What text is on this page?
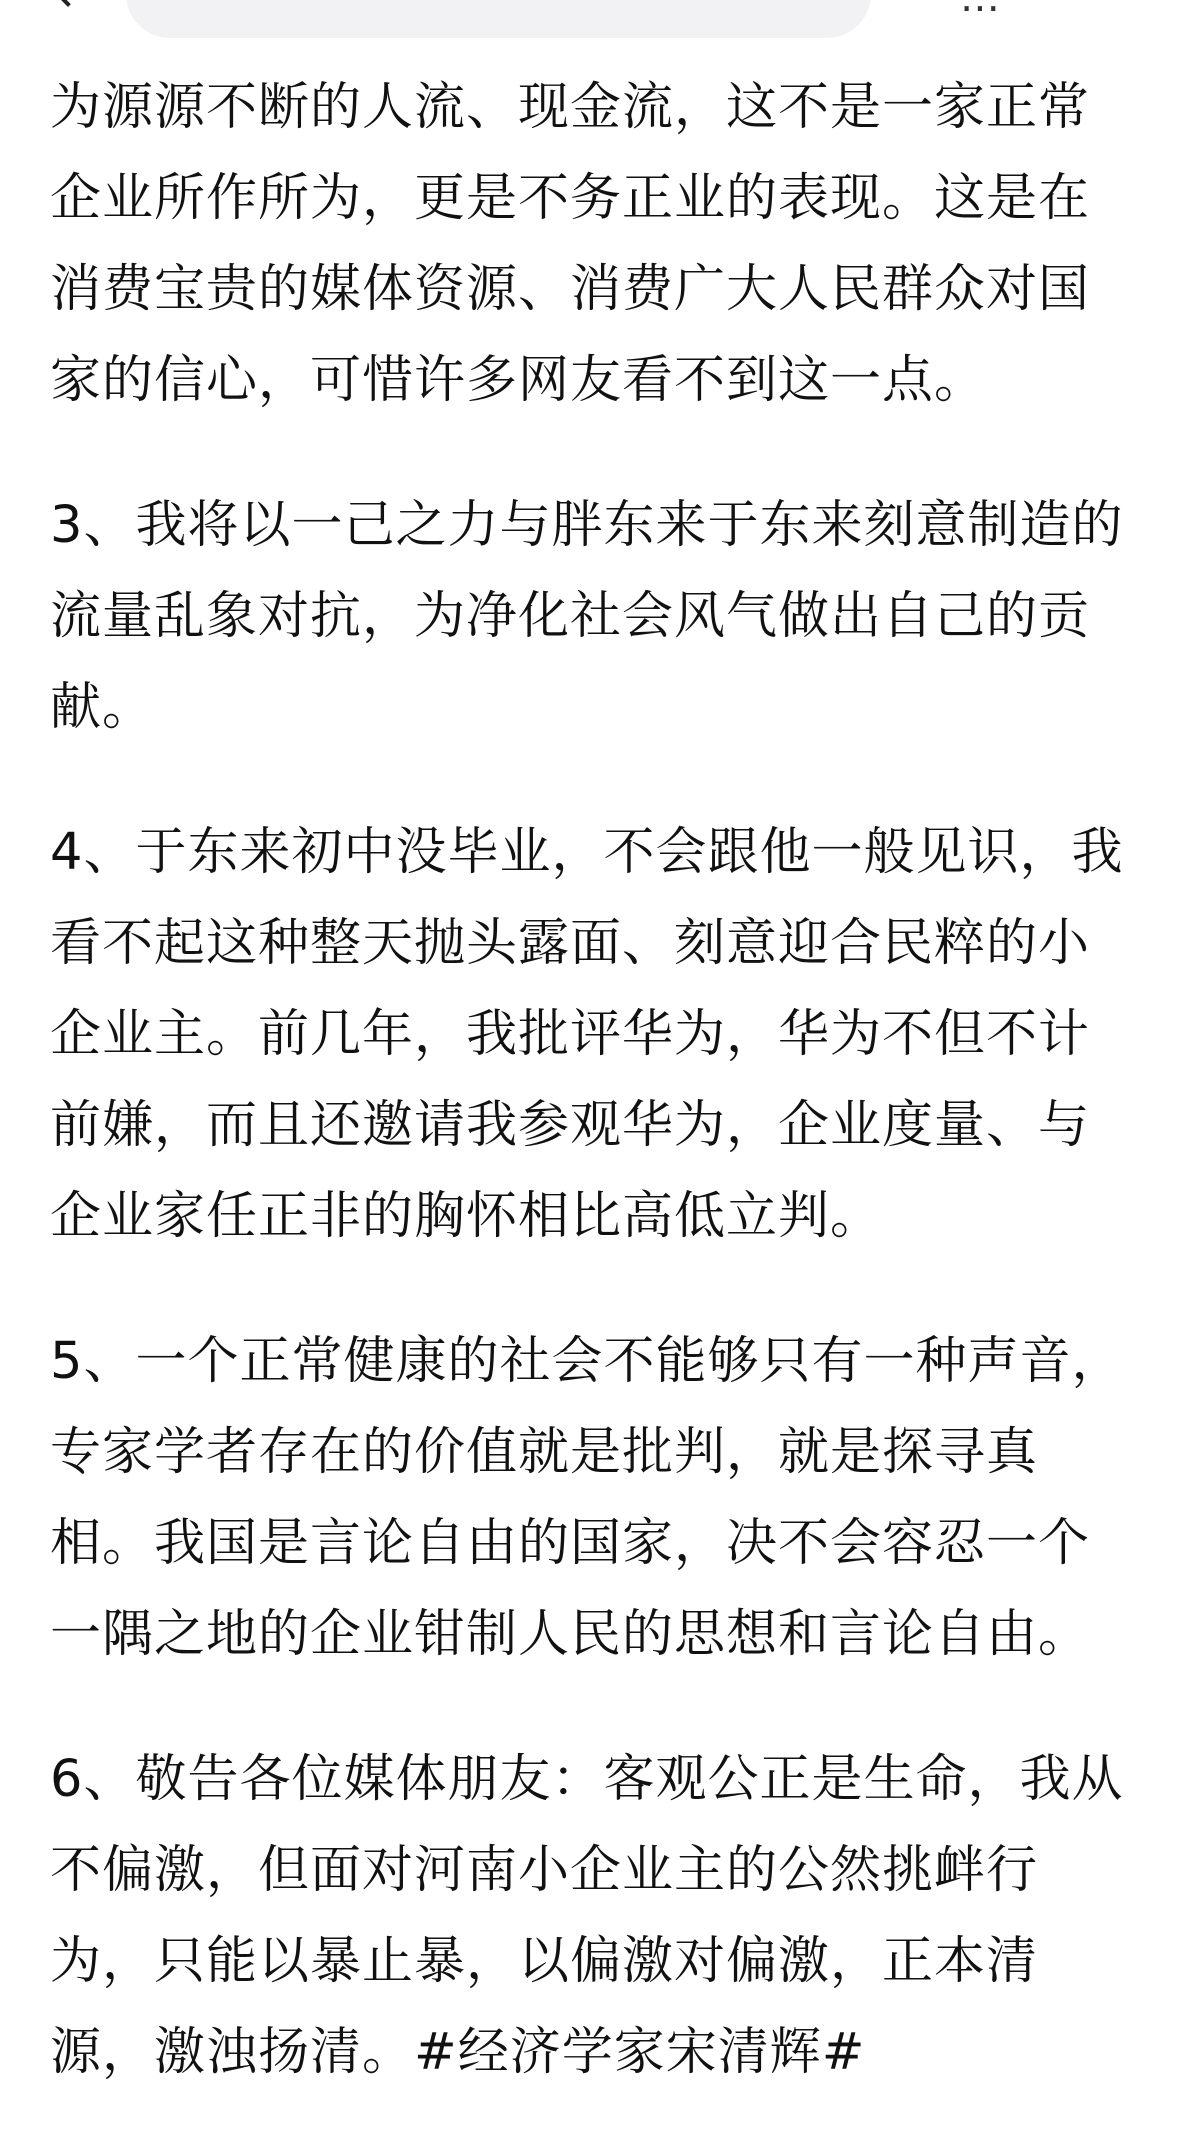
⋯

为源源不断的人流、现金流，这不是一家正常企业所作所为，更是不务正业的表现。这是在消费宝贵的媒体资源、消费广大人民群众对国家的信心，可惜许多网友看不到这一点。

3、我将以一己之力与胖东来于东来刻意制造的流量乱象对抗，为净化社会风气做出自己的贡献。

4、于东来初中没毕业，不会跟他一般见识，我看不起这种整天抛头露面、刻意迎合民粹的小企业主。前几年，我批评华为，华为不但不计前嫌，而且还邀请我参观华为，企业度量、与企业家任正非的胸怀相比高低立判。

5、一个正常健康的社会不能够只有一种声音，专家学者存在的价值就是批判，就是探寻真相。我国是言论自由的国家，决不会容忍一个一隅之地的企业钳制人民的思想和言论自由。

6、敬告各位媒体朋友：客观公正是生命，我从不偏激，但面对河南小企业主的公然挑衅行为，只能以暴止暴，以偏激对偏激，正本清源，激浊扬清。#经济学家宋清辉#
